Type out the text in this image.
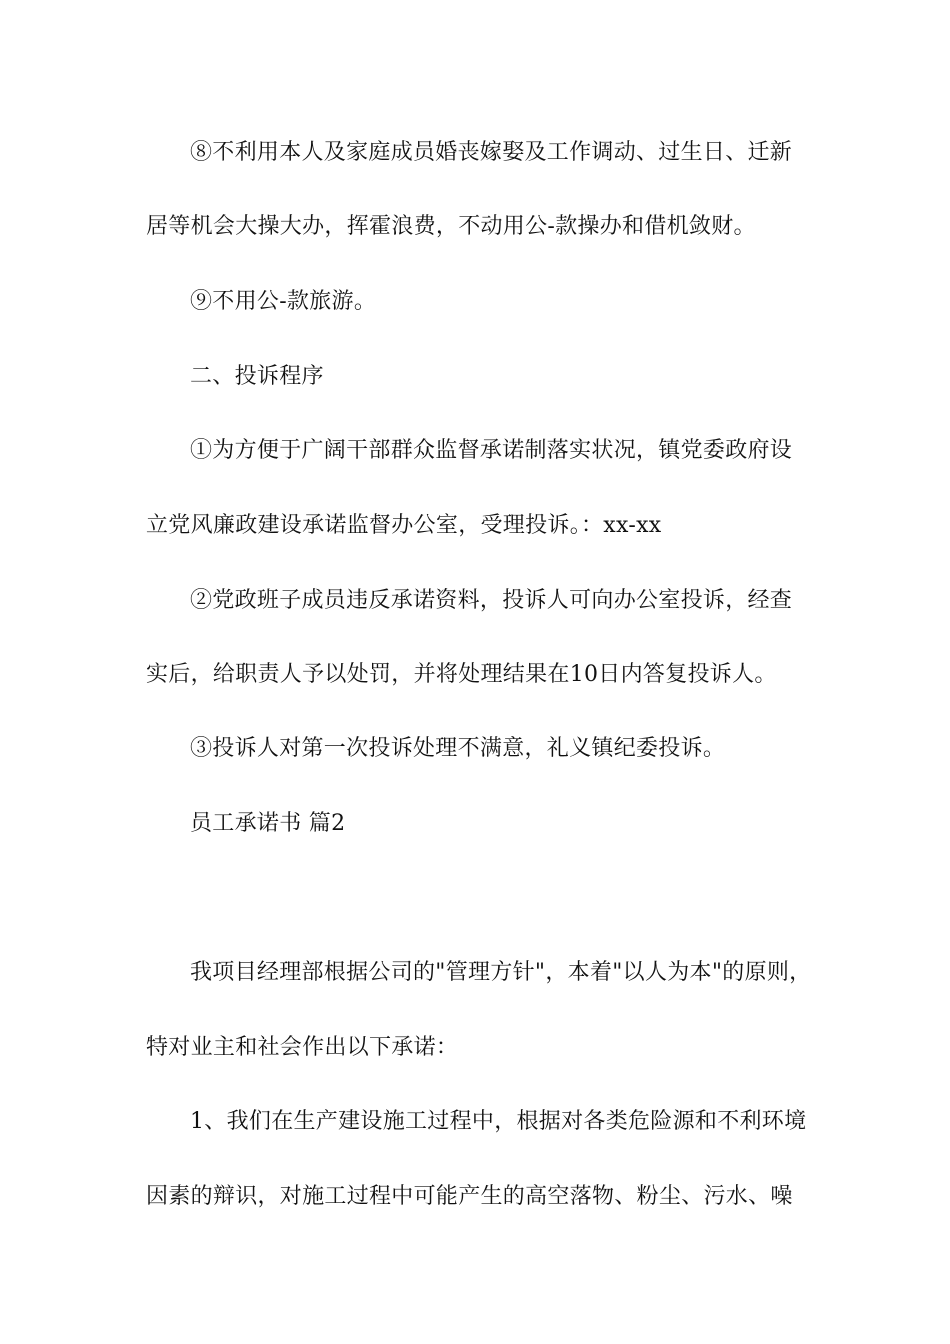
⑧不利用本人及家庭成员婚丧嫁娶及工作调动、过生日、迁新
居等机会大操大办，挥霍浪费，不动用公-款操办和借机敛财。
⑨不用公-款旅游。
二、投诉程序
①为方便于广阔干部群众监督承诺制落实状况，镇党委政府设
立党风廉政建设承诺监督办公室，受理投诉。：xx-xx
②党政班子成员违反承诺资料，投诉人可向办公室投诉，经查
实后，给职责人予以处罚，并将处理结果在10日内答复投诉人。
③投诉人对第一次投诉处理不满意，礼义镇纪委投诉。
员工承诺书 篇2
我项目经理部根据公司的"管理方针"，本着"以人为本"的原则，
特对业主和社会作出以下承诺：
1、我们在生产建设施工过程中，根据对各类危险源和不利环境
因素的辩识，对施工过程中可能产生的高空落物、粉尘、污水、噪
